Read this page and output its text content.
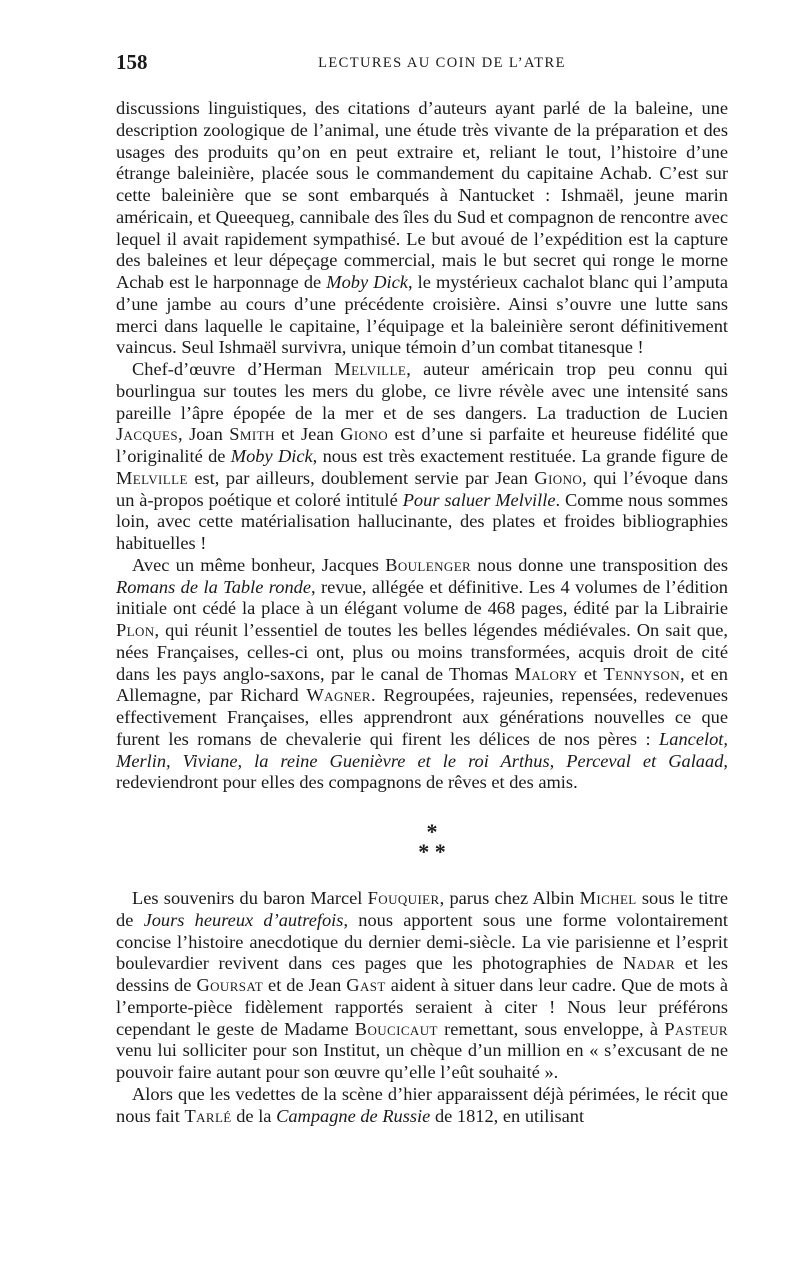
158	LECTURES AU COIN DE L’ATRE

discussions linguistiques, des citations d’auteurs ayant parlé de la baleine, une description zoologique de l’animal, une étude très vivante de la préparation et des usages des produits qu’on en peut extraire et, reliant le tout, l’histoire d’une étrange baleinière, placée sous le commandement du capitaine Achab. C’est sur cette baleinière que se sont embarqués à Nantucket : Ishmaël, jeune marin américain, et Queequeg, cannibale des îles du Sud et compagnon de rencontre avec lequel il avait rapidement sympathisé. Le but avoué de l’expédition est la capture des baleines et leur dépeçage commercial, mais le but secret qui ronge le morne Achab est le harponnage de Moby Dick, le mystérieux cachalot blanc qui l’amputa d’une jambe au cours d’une précédente croisière. Ainsi s’ouvre une lutte sans merci dans laquelle le capitaine, l’équipage et la baleinière seront définitivement vaincus. Seul Ishmaël survivra, unique témoin d’un combat titanesque !

Chef-d’œuvre d’Herman Melville, auteur américain trop peu connu qui bourlingua sur toutes les mers du globe, ce livre révèle avec une intensité sans pareille l’âpre épopée de la mer et de ses dangers. La traduction de Lucien Jacques, Joan Smith et Jean Giono est d’une si parfaite et heureuse fidélité que l’originalité de Moby Dick, nous est très exactement restituée. La grande figure de Melville est, par ailleurs, doublement servie par Jean Giono, qui l’évoque dans un à-propos poétique et coloré intitulé Pour saluer Melville. Comme nous sommes loin, avec cette matérialisation hallucinante, des plates et froides bibliographies habituelles !

Avec un même bonheur, Jacques Boulenger nous donne une transposition des Romans de la Table ronde, revue, allégée et définitive. Les 4 volumes de l’édition initiale ont cédé la place à un élégant volume de 468 pages, édité par la Librairie Plon, qui réunit l’essentiel de toutes les belles légendes médiévales. On sait que, nées Françaises, celles-ci ont, plus ou moins transformées, acquis droit de cité dans les pays anglo-saxons, par le canal de Thomas Malory et Tennyson, et en Allemagne, par Richard Wagner. Regroupées, rajeunies, repensées, redevenues effectivement Françaises, elles apprendront aux générations nouvelles ce que furent les romans de chevalerie qui firent les délices de nos pères : Lancelot, Merlin, Viviane, la reine Guenièvre et le roi Arthus, Perceval et Galaad, redeviendront pour elles des compagnons de rêves et des amis.

*
* *

Les souvenirs du baron Marcel Fouquier, parus chez Albin Michel sous le titre de Jours heureux d’autrefois, nous apportent sous une forme volontairement concise l’histoire anecdotique du dernier demi-siècle. La vie parisienne et l’esprit boulevardier revivent dans ces pages que les photographies de Nadar et les dessins de Goursat et de Jean Gast aident à situer dans leur cadre. Que de mots à l’emporte-pièce fidèlement rapportés seraient à citer ! Nous leur préférons cependant le geste de Madame Boucicaut remettant, sous enveloppe, à Pasteur venu lui solliciter pour son Institut, un chèque d’un million en « s’excusant de ne pouvoir faire autant pour son œuvre qu’elle l’eût souhaité ».

Alors que les vedettes de la scène d’hier apparaissent déjà périmées, le récit que nous fait Tarlé de la Campagne de Russie de 1812, en utilisant
